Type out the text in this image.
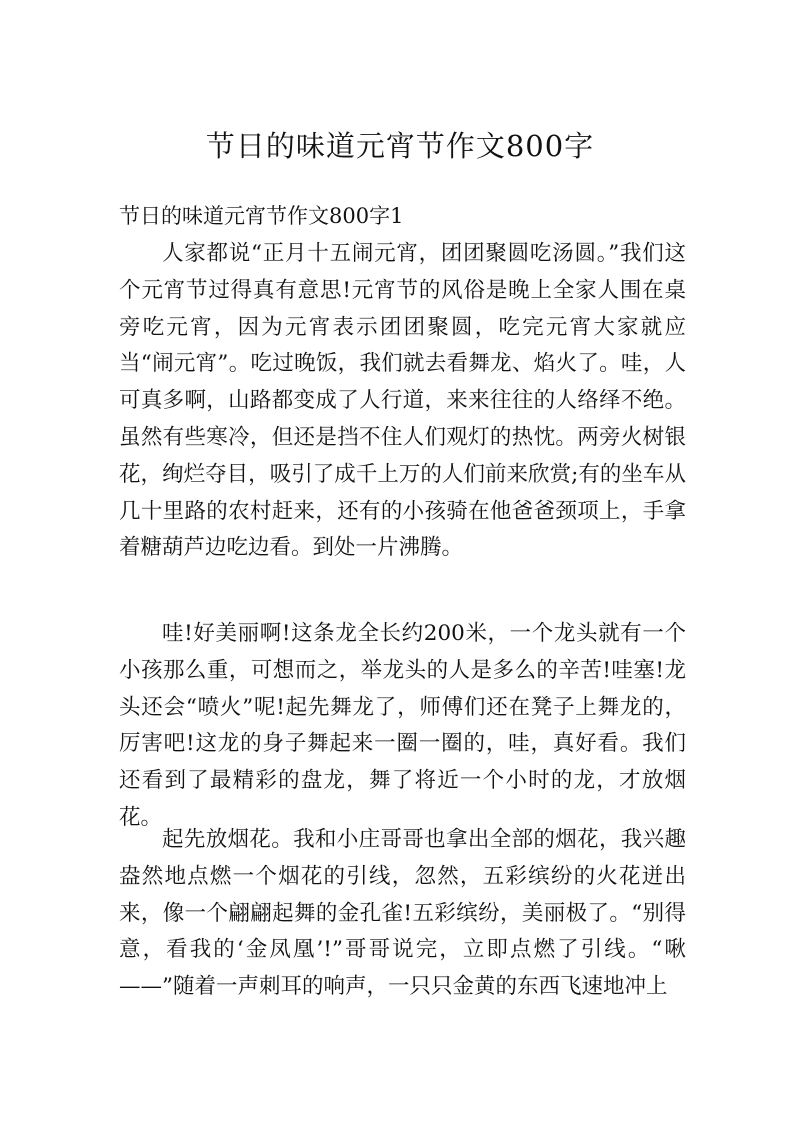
节日的味道元宵节作文800字
节日的味道元宵节作文800字1

人家都说“正月十五闹元宵，团团聚圆吃汤圆。”我们这个元宵节过得真有意思!元宵节的风俗是晚上全家人围在桌旁吃元宵，因为元宵表示团团聚圆，吃完元宵大家就应当“闹元宵”。吃过晚饭，我们就去看舞龙、焰火了。哇，人可真多啊，山路都变成了人行道，来来往往的人络绎不绝。虽然有些寒冷，但还是挡不住人们观灯的热忱。两旁火树银花，绚烂夺目，吸引了成千上万的人们前来欣赏;有的坐车从几十里路的农村赶来，还有的小孩骑在他爸爸颈项上，手拿着糖葫芦边吃边看。到处一片沸腾。

哇!好美丽啊!这条龙全长约200米，一个龙头就有一个小孩那么重，可想而之，举龙头的人是多么的辛苦!哇塞!龙头还会“喷火”呢!起先舞龙了，师傅们还在凳子上舞龙的，厉害吧!这龙的身子舞起来一圈一圈的，哇，真好看。我们还看到了最精彩的盘龙，舞了将近一个小时的龙，才放烟花。

起先放烟花。我和小庄哥哥也拿出全部的烟花，我兴趣盎然地点燃一个烟花的引线，忽然，五彩缤纷的火花迸出来，像一个翩翩起舞的金孔雀!五彩缤纷，美丽极了。“别得意，看我的‘金凤凰’!”哥哥说完，立即点燃了引线。“啾——”随着一声刺耳的响声，一只只金黄的东西飞速地冲上
